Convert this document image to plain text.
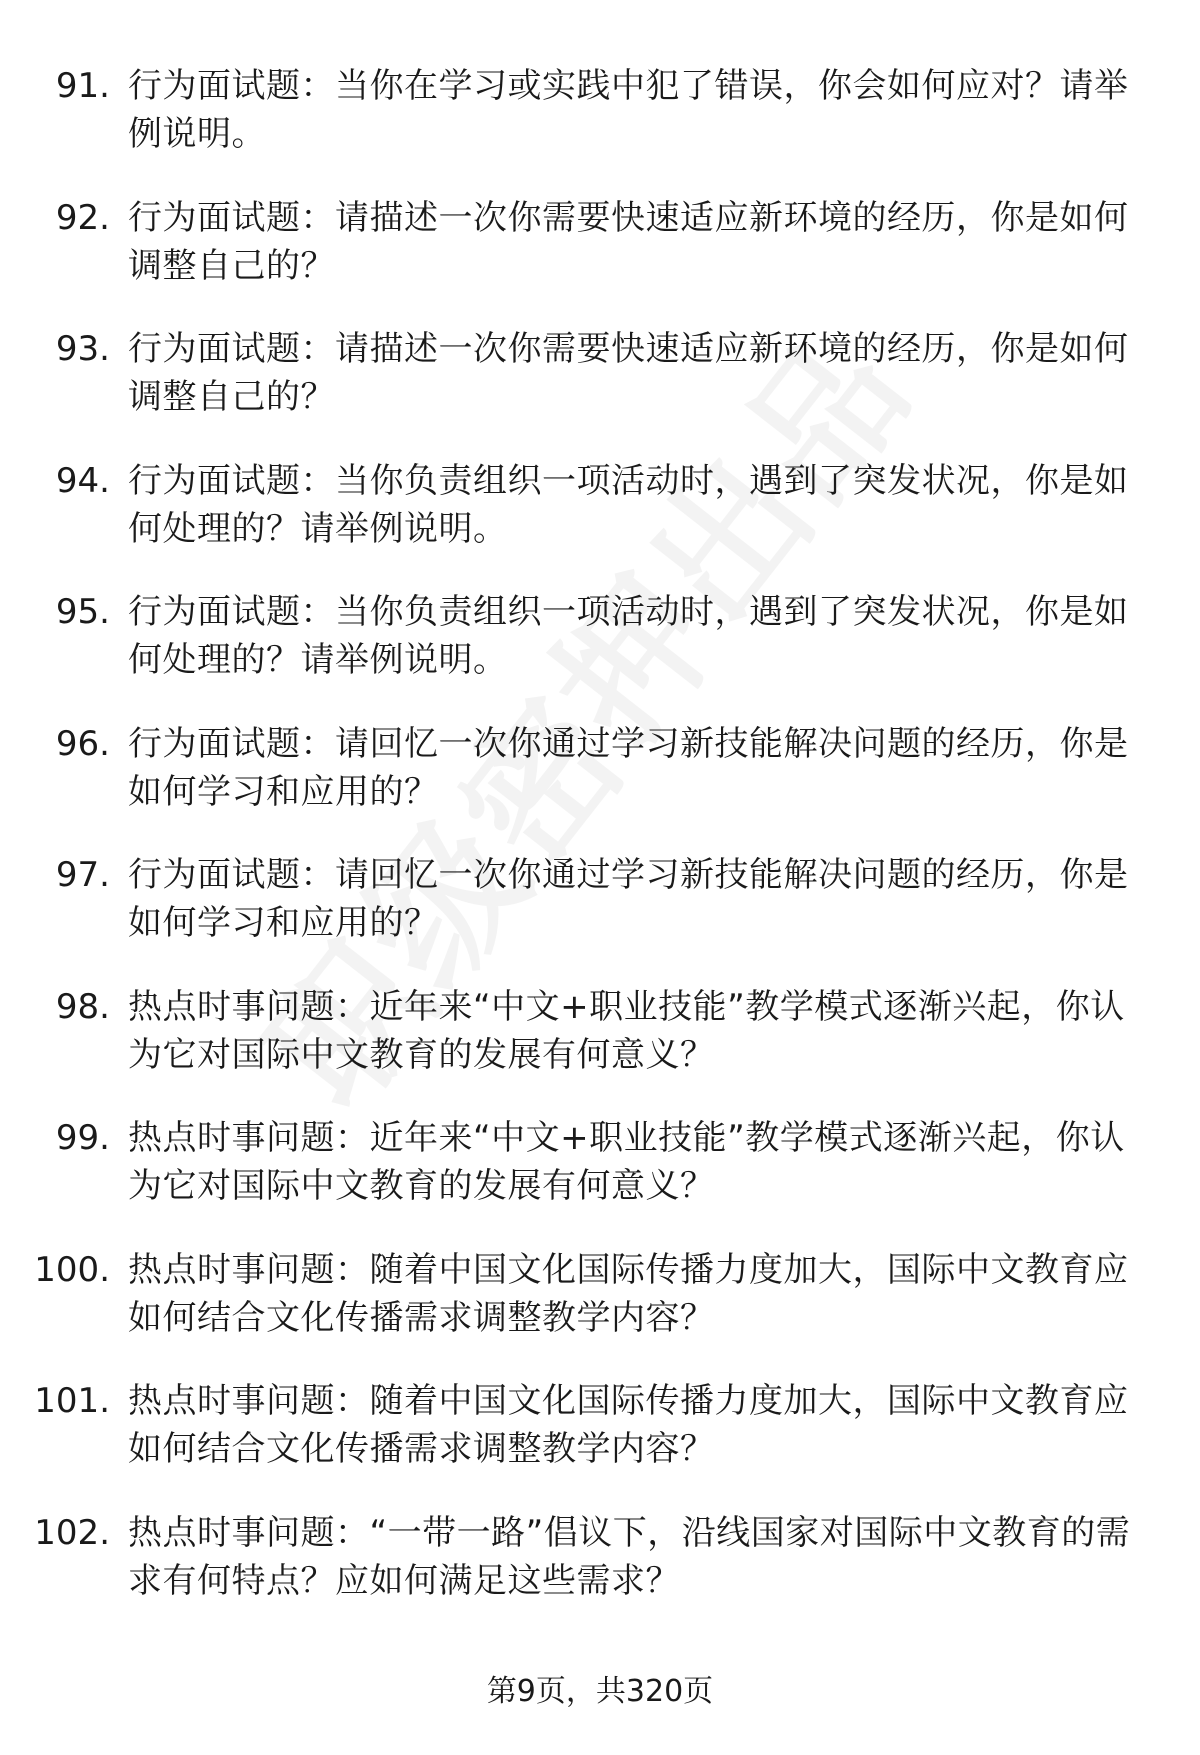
91. 行为面试题：当你在学习或实践中犯了错误，你会如何应对？请举例说明。
92. 行为面试题：请描述一次你需要快速适应新环境的经历，你是如何调整自己的？
93. 行为面试题：请描述一次你需要快速适应新环境的经历，你是如何调整自己的？
94. 行为面试题：当你负责组织一项活动时，遇到了突发状况，你是如何处理的？请举例说明。
95. 行为面试题：当你负责组织一项活动时，遇到了突发状况，你是如何处理的？请举例说明。
96. 行为面试题：请回忆一次你通过学习新技能解决问题的经历，你是如何学习和应用的？
97. 行为面试题：请回忆一次你通过学习新技能解决问题的经历，你是如何学习和应用的？
98. 热点时事问题：近年来“中文+职业技能”教学模式逐渐兴起，你认为它对国际中文教育的发展有何意义？
99. 热点时事问题：近年来“中文+职业技能”教学模式逐渐兴起，你认为它对国际中文教育的发展有何意义？
100. 热点时事问题：随着中国文化国际传播力度加大，国际中文教育应如何结合文化传播需求调整教学内容？
101. 热点时事问题：随着中国文化国际传播力度加大，国际中文教育应如何结合文化传播需求调整教学内容？
102. 热点时事问题：“一带一路”倡议下，沿线国家对国际中文教育的需求有何特点？应如何满足这些需求？
第9页，共320页
